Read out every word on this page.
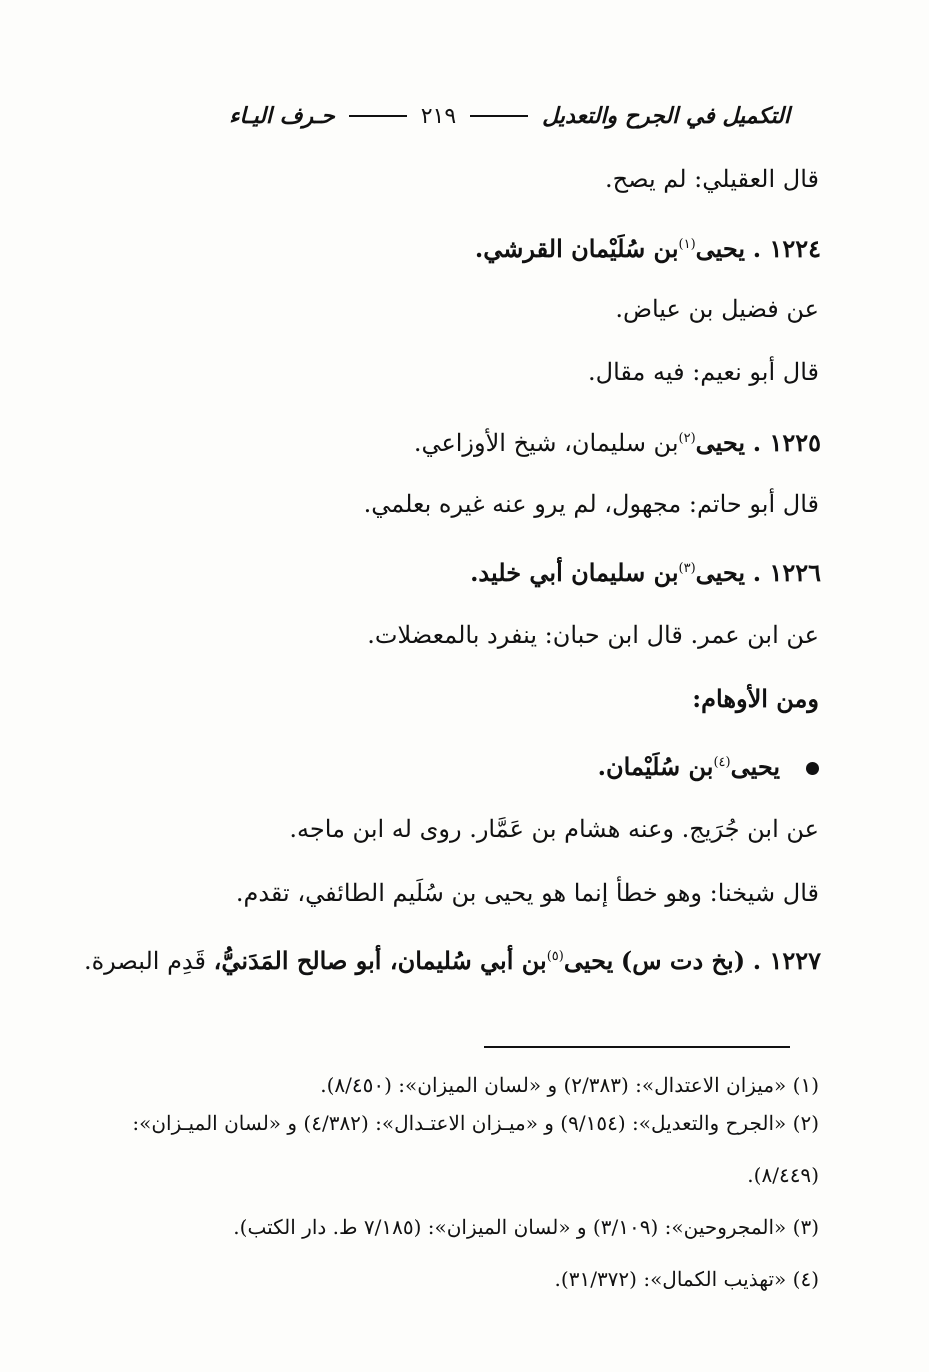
التكميل في الجرح والتعديل
٢١٩
حـرف اليـاء
قال العقيلي: لم يصح.
١٢٢٤ . يحيى$^{(١)}$بن سُلَيْمان القرشي.
عن فضيل بن عياض.
قال أبو نعيم: فيه مقال.
١٢٢٥ . يحيى$^{(٢)}$بن سليمان، شيخ الأوزاعي.
قال أبو حاتم: مجهول، لم يرو عنه غيره بعلمي.
١٢٢٦ . يحيى$^{(٣)}$بن سليمان أبي خليد.
عن ابن عمر. قال ابن حبان: ينفرد بالمعضلات.
ومن الأوهام:
يحيى$^{(٤)}$بن سُلَيْمان.
عن ابن جُرَيج. وعنه هشام بن عَمَّار. روى له ابن ماجه.
قال شيخنا: وهو خطأ إنما هو يحيى بن سُلَيم الطائفي، تقدم.
١٢٢٧ . (بخ دت س) يحيى$^{(٥)}$بن أبي سُليمان، أبو صالح المَدَنيُّ، قَدِم البصرة.
(١) «ميزان الاعتدال»: (٢/٣٨٣) و «لسان الميزان»: (٨/٤٥٠).
(٢) «الجرح والتعديل»: (٩/١٥٤) و «ميـزان الاعتـدال»: (٤/٣٨٢) و «لسان الميـزان»:
(٨/٤٤٩).
(٣) «المجروحين»: (٣/١٠٩) و «لسان الميزان»: (٧/١٨٥ ط. دار الكتب).
(٤) «تهذيب الكمال»: (٣١/٣٧٢).
